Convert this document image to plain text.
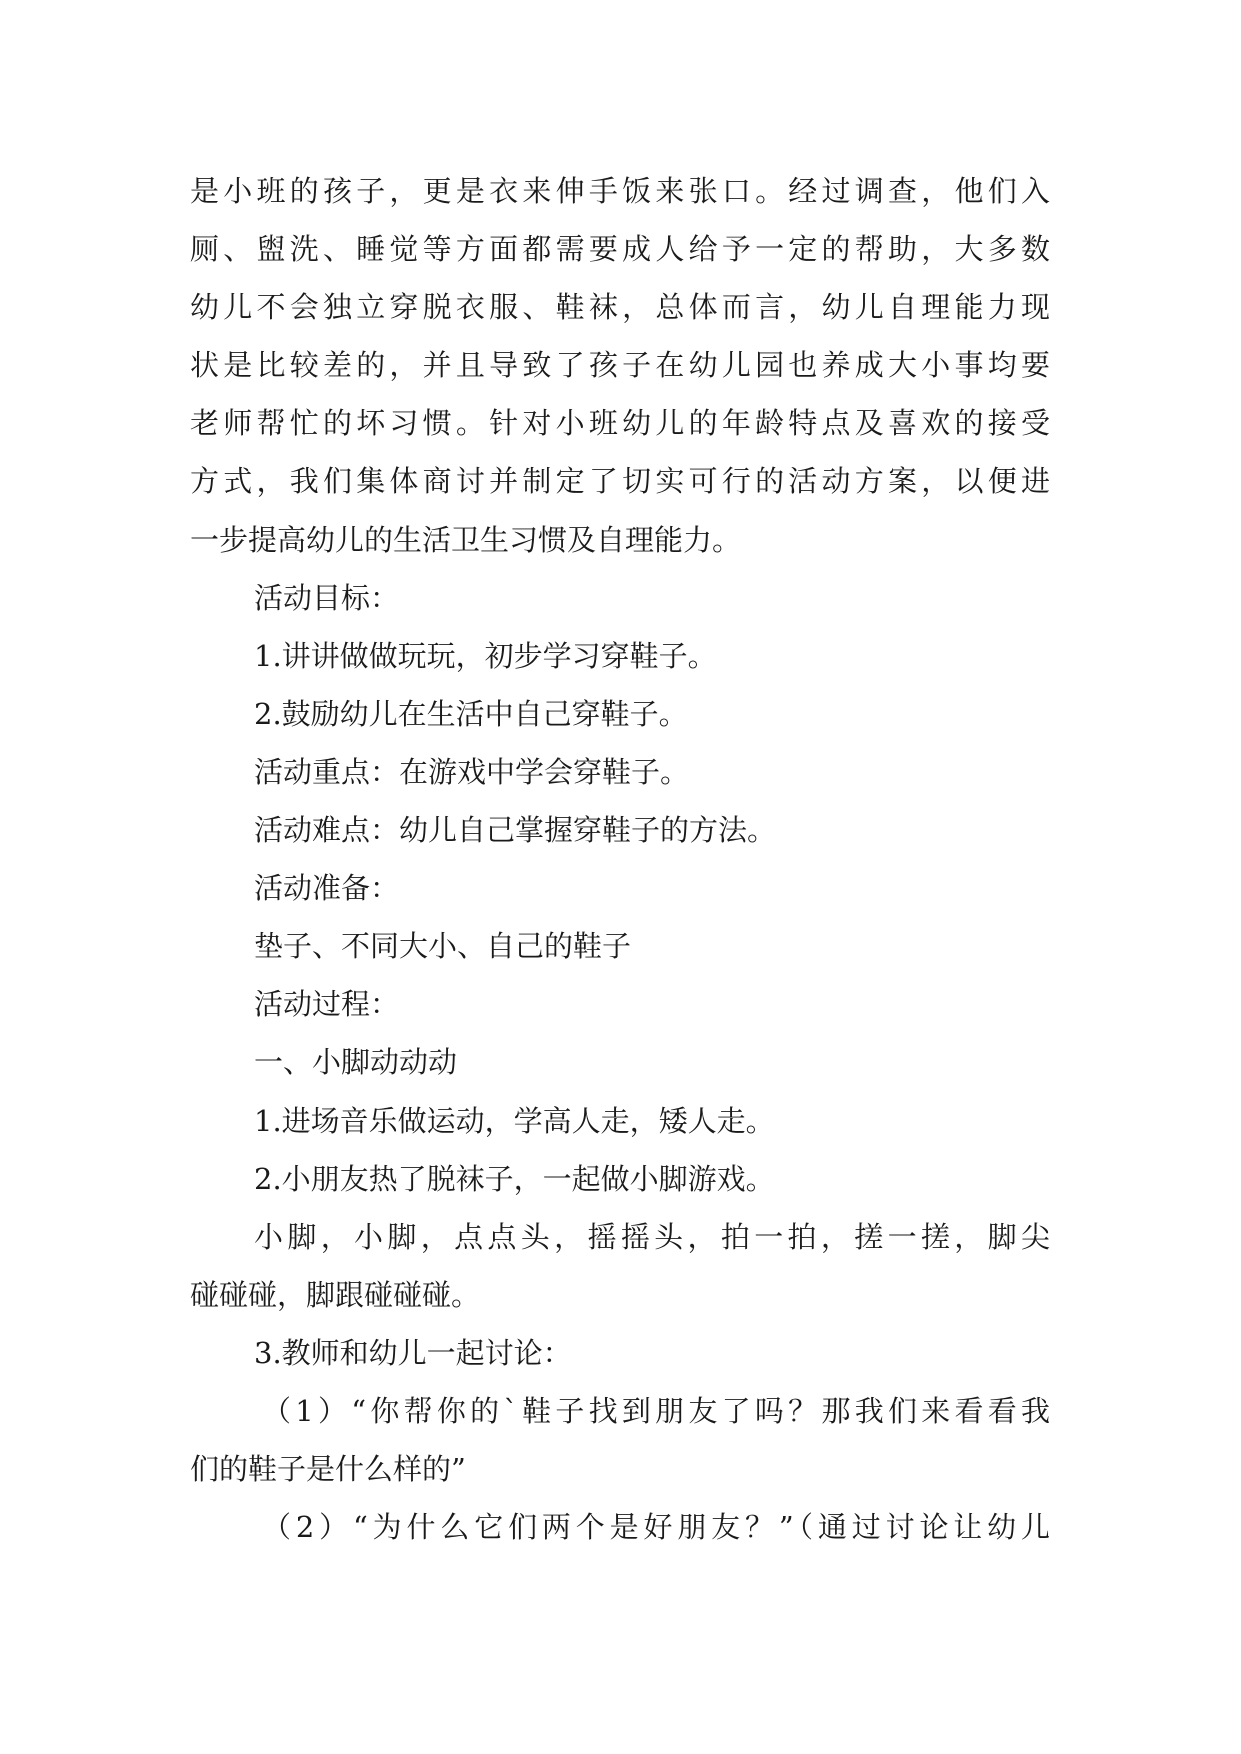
是小班的孩子，更是衣来伸手饭来张口。经过调查，他们入

厕、盥洗、睡觉等方面都需要成人给予一定的帮助，大多数

幼儿不会独立穿脱衣服、鞋袜，总体而言，幼儿自理能力现

状是比较差的，并且导致了孩子在幼儿园也养成大小事均要

老师帮忙的坏习惯。针对小班幼儿的年龄特点及喜欢的接受

方式，我们集体商讨并制定了切实可行的活动方案，以便进

一步提高幼儿的生活卫生习惯及自理能力。

活动目标：

1.讲讲做做玩玩，初步学习穿鞋子。

2.鼓励幼儿在生活中自己穿鞋子。

活动重点：在游戏中学会穿鞋子。

活动难点：幼儿自己掌握穿鞋子的方法。

活动准备：

垫子、不同大小、自己的鞋子

活动过程：

一、小脚动动动

1.进场音乐做运动，学高人走，矮人走。

2.小朋友热了脱袜子，一起做小脚游戏。

小脚，小脚，点点头，摇摇头，拍一拍，搓一搓，脚尖

碰碰碰，脚跟碰碰碰。

3.教师和幼儿一起讨论：

（1）“你帮你的`鞋子找到朋友了吗？那我们来看看我

们的鞋子是什么样的”

（2）“为什么它们两个是好朋友？”（通过讨论让幼儿
